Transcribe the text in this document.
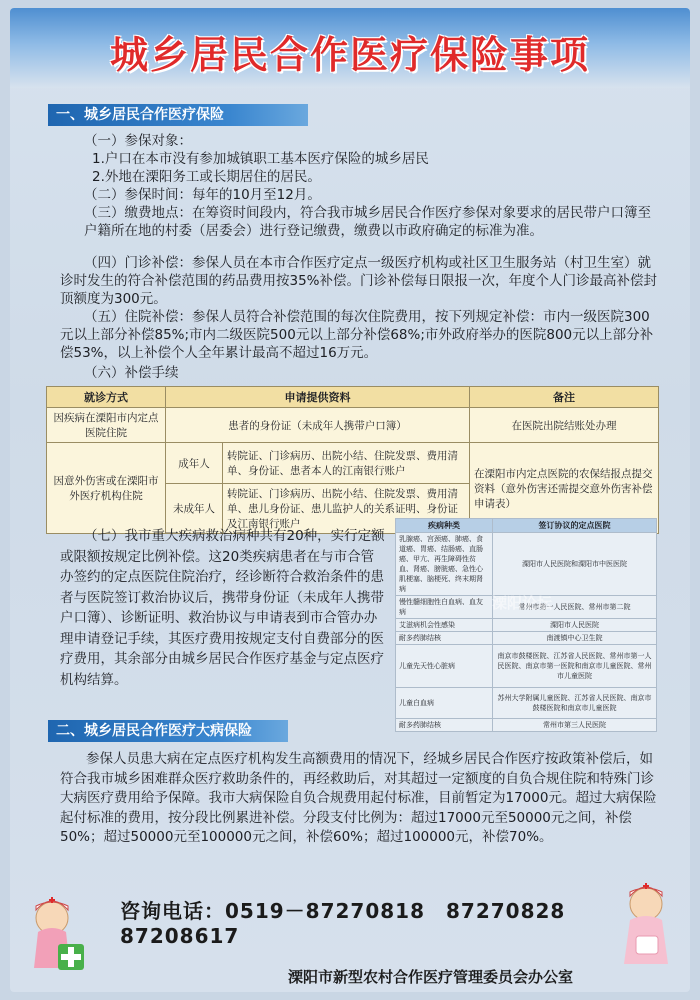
城乡居民合作医疗保险事项
一、城乡居民合作医疗保险

（一）参保对象：

1.户口在本市没有参加城镇职工基本医疗保险的城乡居民

2.外地在溧阳务工或长期居住的居民。

（二）参保时间：每年的10月至12月。

（三）缴费地点：在筹资时间段内，符合我市城乡居民合作医疗参保对象要求的居民带户口簿至户籍所在地的村委（居委会）进行登记缴费，缴费以市政府确定的标准为准。

（四）门诊补偿：参保人员在本市合作医疗定点一级医疗机构或社区卫生服务站（村卫生室）就诊时发生的符合补偿范围的药品费用按35%补偿。门诊补偿每日限报一次，年度个人门诊最高补偿封顶额度为300元。

（五）住院补偿：参保人员符合补偿范围的每次住院费用，按下列规定补偿：市内一级医院300元以上部分补偿85%;市内二级医院500元以上部分补偿68%;市外政府举办的医院800元以上部分补偿53%，以上补偿个人全年累计最高不超过16万元。

（六）补偿手续

就诊方式	申请提供资料		备注
因疾病在溧阳市内定点医院住院	患者的身份证（未成年人携带户口簿）		在医院出院结账处办理
因意外伤害或在溧阳市外医疗机构住院	成年人	转院证、门诊病历、出院小结、住院发票、费用清单、身份证、患者本人的江南银行账户	在溧阳市内定点医院的农保结报点提交资料（意外伤害还需提交意外伤害补偿申请表）
	未成年人	转院证、门诊病历、出院小结、住院发票、费用清单、患儿身份证、患儿监护人的关系证明、身份证及江南银行账户	

（七）我市重大疾病救治病种共有20种，实行定额或限额按规定比例补偿。这20类疾病患者在与市合管办签约的定点医院住院治疗，经诊断符合救治条件的患者与医院签订救治协议后，携带身份证（未成年人携带户口簿）、诊断证明、救治协议与申请表到市合管办办理申请登记手续，其医疗费用按规定支付自费部分的医疗费用，其余部分由城乡居民合作医疗基金与定点医疗机构结算。

疾病种类	签订协议的定点医院
乳腺癌、宫颈癌、肺癌、食道癌、胃癌、结肠癌、直肠癌、甲亢、再生障碍性贫血、肾癌、膀胱癌、急性心肌梗塞、脑梗死、终末期肾病	溧阳市人民医院和溧阳市中医医院
慢性髓细胞性白血病、血友病	常州市第一人民医院、常州市第二院
艾滋病机会性感染	溧阳市人民医院
耐多药肺结核	南渡镇中心卫生院
儿童先天性心脏病	南京市鼓楼医院、江苏省人民医院、常州市第一人民医院、南京市第一医院和南京市儿童医院、常州市儿童医院
儿童白血病	苏州大学附属儿童医院、江苏省人民医院、南京市鼓楼医院和南京市儿童医院
耐多药肺结核	常州市第三人民医院
二、城乡居民合作医疗大病保险

参保人员患大病在定点医疗机构发生高额费用的情况下，经城乡居民合作医疗按政策补偿后，如符合我市城乡困难群众医疗救助条件的，再经救助后，对其超过一定额度的自负合规住院和特殊门诊大病医疗费用给予保障。我市大病保险自负合规费用起付标准，目前暂定为17000元。超过大病保险起付标准的费用，按分段比例累进补偿。分段支付比例为：超过17000元至50000元之间，补偿50%；超过50000元至100000元之间，补偿60%；超过100000元，补偿70%。

咨询电话：0519－87270818　87270828　87208617
溧阳市新型农村合作医疗管理委员会办公室
溧阳论坛
